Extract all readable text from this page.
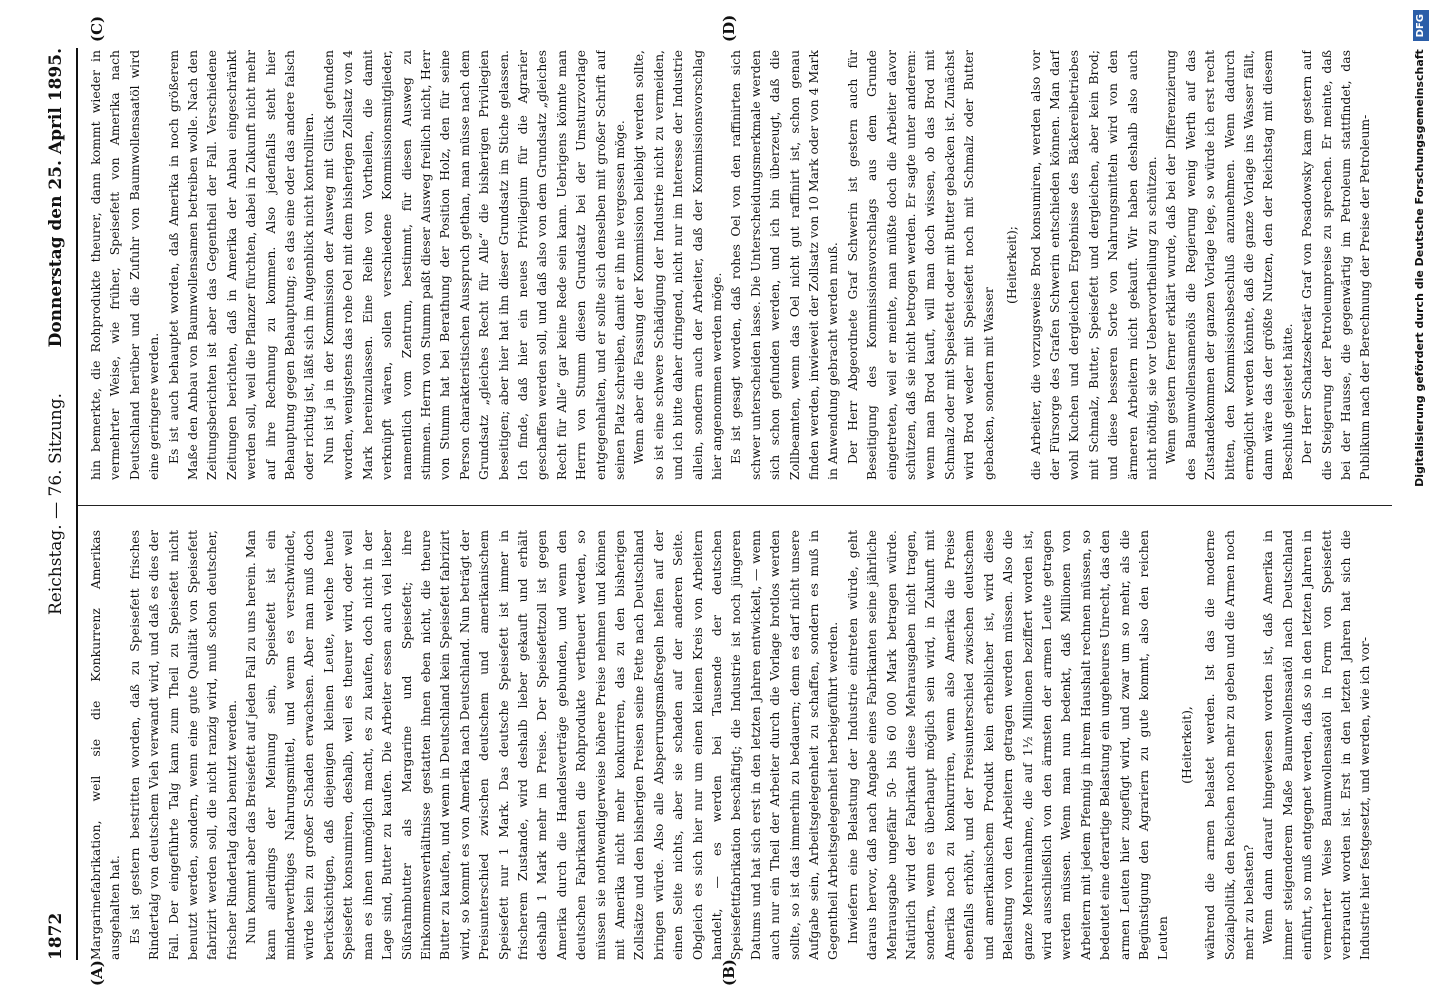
1872
Reichstag. — 76. Sitzung.
Donnerstag den 25. April 1895.
(A)	(B)
(C)	(D)

Margarinefabrikation, weil sie die Konkurrenz Amerikas ausgehalten hat. Es ist gestern bestritten worden, daß zu Speisefett frisches Rindertalg von deutschem Vieh verwandt wird, und daß es dies der Fall. Der eingeführte Talg kann zum Theil zu Speisefett nicht benutzt werden, sondern, wenn eine gute Qualität von Speisefett fabrizirt werden soll, die nicht ranzig wird, muß schon deutscher, frischer Rindertalg dazu benutzt werden. Nun kommt aber das Breisefett auf jeden Fall zu uns herein. Man kann allerdings der Meinung sein, Speisefett ist ein minderwerthiges Nahrungsmittel, und wenn es verschwindet, würde kein zu großer Schaden erwachsen. Aber man muß doch berücksichtigen, daß diejenigen kleinen Leute, welche heute Speisefett konsumiren, deshalb, weil es theurer wird, oder weil man es ihnen unmöglich macht, es zu kaufen, doch nicht in der Lage sind, Butter zu kaufen. Die Arbeiter essen auch viel lieber Süßrahmbutter als Margarine und Speisefett; ihre Einkommensverhältnisse gestatten ihnen eben nicht, die theure Butter zu kaufen, und wenn in Deutschland kein Speisefett fabrizirt wird, so kommt es von Amerika nach Deutschland. Nun beträgt der Preisunterschied zwischen deutschem und amerikanischem Speisefett nur 1 Mark. Das deutsche Speisefett ist immer in frischerem Zustande, wird deshalb lieber gekauft und erhält deshalb 1 Mark mehr im Preise. Der Speisefettzoll ist gegen Amerika durch die Handelsverträge gebunden, und wenn den deutschen Fabrikanten die Rohprodukte vertheuert werden, so müssen sie nothwendigerweise höhere Preise nehmen und können mit Amerika nicht mehr konkurriren, das zu den bisherigen Zollsätze und den bisherigen Preisen seine Fette nach Deutschland bringen würde. Also alle Absperrungsmaßregeln helfen auf der einen Seite nichts, aber sie schaden auf der anderen Seite. Obgleich es sich hier nur um einen kleinen Kreis von Arbeitern handelt, — es werden bei Tausende der deutschen Speisefettfabrikation beschäftigt; die Industrie ist noch jüngeren Datums und hat sich erst in den letzten Jahren entwickelt, — wenn auch nur ein Theil der Arbeiter durch die Vorlage brotlos werden sollte, so ist das immerhin zu bedauern; denn es darf nicht unsere Aufgabe sein, Arbeitsgelegenheit zu schaffen, sondern es muß in Gegentheil Arbeitsgelegenheit herbeigeführt werden. Inwiefern eine Belastung der Industrie eintreten würde, geht daraus hervor, daß nach Angabe eines Fabrikanten seine jährliche Mehrausgabe ungefähr 50- bis 60 000 Mark betragen würde. Natürlich wird der Fabrikant diese Mehrausgaben nicht tragen, sondern, wenn es überhaupt möglich sein wird, in Zukunft mit Amerika noch zu konkurriren, wenn also Amerika die Preise ebenfalls erhöht, und der Preisunterschied zwischen deutschem und amerikanischem Produkt kein erheblicher ist, wird diese Belastung von den Arbeitern getragen werden müssen. Also die ganze Mehreinnahme, die auf 1½ Millionen beziffert worden ist, wird ausschließlich von den ärmsten der armen Leute getragen werden müssen. Wenn man nun bedenkt, daß Millionen von Arbeitern mit jedem Pfennig in ihrem Haushalt rechnen müssen, so bedeutet eine derartige Belastung ein ungeheures Unrecht, das den armen Leuten hier zugefügt wird, und zwar um so mehr, als die Begünstigung den Agrariern zu gute kommt, also den reichen Leuten

(Heiterkeit), während die armen belastet werden. Ist das die moderne Sozialpolitik, den Reichen noch mehr zu geben und die Armen noch mehr zu belasten? Wenn dann darauf hingewiesen worden ist, daß Amerika in immer steigenderem Maße Baumwollensaatöl nach Deutschland einführt, so muß entgegnet werden, daß so in den letzten Jahren in vermehrter Weise Baumwollensaatöl in Form von Speisefett verbraucht worden ist. Erst in den letzten Jahren hat sich die Industrie hier festgesetzt, und werden, wie ich vor-

hin bemerkte, die Rohprodukte theurer, dann kommt wieder in vermehrter Weise, wie früher, Speisefett von Amerika nach Deutschland herüber und die Zufuhr von Baumwollensaatöl wird eine geringere werden. Es ist auch behauptet worden, daß Amerika in noch größerem Maße den Anbau von Baumwollensamen betreiben wolle. Nach den Zeitungsberichten ist aber das Gegentheil der Fall. Verschiedene Zeitungen berichten, daß in Amerika der Anbau eingeschränkt werden soll, weil die Pflanzer fürchten, dabei in Zukunft nicht mehr auf ihre Rechnung zu kommen. Also jedenfalls steht hier Behauptung gegen Behauptung; es das eine oder das andere falsch oder richtig ist, läßt sich im Augenblick nicht kontrolliren. Nun ist ja in der Kommission der Ausweg mit Glück gefunden worden, wenigstens das rohe Oel mit dem bisherigen Zollsatz von 4 Mark hereinzulassen. Eine Reihe von Vortheilen, die damit verknüpft wären, sollen verschiedene Kommissionsmitglieder, namentlich vom Zentrum, bestimmt, für diesen Ausweg zu stimmen. Herrn von Stumm paßt dieser Ausweg freilich nicht, Herr von Stumm hat bei Berathung der Position Holz, den für seine Person charakteristischen Ausspruch gethan, man müsse nach dem Grundsatz „gleiches Recht für Alle“ die bisherigen Privilegien beseitigen; aber hier hat ihn dieser Grundsatz im Stiche gelassen. Ich finde, daß hier ein neues Privilegium für die Agrarier geschaffen werden soll, und daß also von dem Grundsatz „gleiches Recht für Alle“ gar keine Rede sein kann. Uebrigens könnte man Herrn von Stumm diesen Grundsatz bei der Umsturzvorlage entgegenhalten, und er sollte sich denselben mit großer Schrift auf seinen Platz schreiben, damit er ihn nie vergessen möge. Wenn aber die Fassung der Kommission beliebigt werden sollte, so ist eine schwere Schädigung der Industrie nicht zu vermeiden, und ich bitte daher dringend, nicht nur im Interesse der Industrie allein, sondern auch der Arbeiter, daß der Kommissionsvorschlag hier angenommen werden möge. Es ist gesagt worden, daß rohes Oel von den raffinirten sich schwer unterscheiden lasse. Die Unterscheidungsmerkmale werden sich schon gefunden werden, und ich bin überzeugt, daß die Zollbeamten, wenn das Oel nicht gut raffinirt ist, schon genau finden werden, inwieweit der Zollsatz von 10 Mark oder von 4 Mark in Anwendung gebracht werden muß. Der Herr Abgeordnete Graf Schwerin ist gestern auch für Beseitigung des Kommissionsvorschlags aus dem Grunde eingetreten, weil er meinte, man müßte doch die Arbeiter davor schützen, daß sie nicht betrogen werden. Er sagte unter anderem: wenn man Brod kauft, will man doch wissen, ob das Brod mit Schmalz oder mit Speisefett oder mit Butter gebacken ist. Zunächst wird Brod weder mit Speisefett noch mit Schmalz oder Butter gebacken, sondern mit Wasser

(Heiterkeit); die Arbeiter, die vorzugsweise Brod konsumiren, werden also vor der Fürsorge des Grafen Schwerin entschieden können. Man darf wohl Kuchen und dergleichen Ergebnisse des Bäckereibetriebes mit Schmalz, Butter, Speisefett und dergleichen, aber kein Brod; und diese besseren Sorte von Nahrungsmitteln wird von den ärmeren Arbeitern nicht gekauft. Wir haben deshalb also auch nicht nöthig, sie vor Uebervortheilung zu schützen. Wenn gestern ferner erklärt wurde, daß bei der Differenzierung des Baumwollensamenöls die Regierung wenig Werth auf das Zustandekommen der ganzen Vorlage lege, so würde ich erst recht bitten, den Kommissionsbeschluß anzunehmen. Wenn dadurch ermöglicht werden könnte, daß die ganze Vorlage ins Wasser fällt, dann wäre das der größte Nutzen, den der Reichstag mit diesem Beschluß geleistet hätte. Der Herr Schatzsekretär Graf von Posadowsky kam gestern auf die Steigerung der Petroleumpreise zu sprechen. Er meinte, daß bei der Hausse, die gegenwärtig im Petroleum stattfindet, das Publikum nach der Berechnung der Preise der Petroleum-	Digitalisierung gefördert durch die Deutsche Forschungsgemeinschaft DFG
